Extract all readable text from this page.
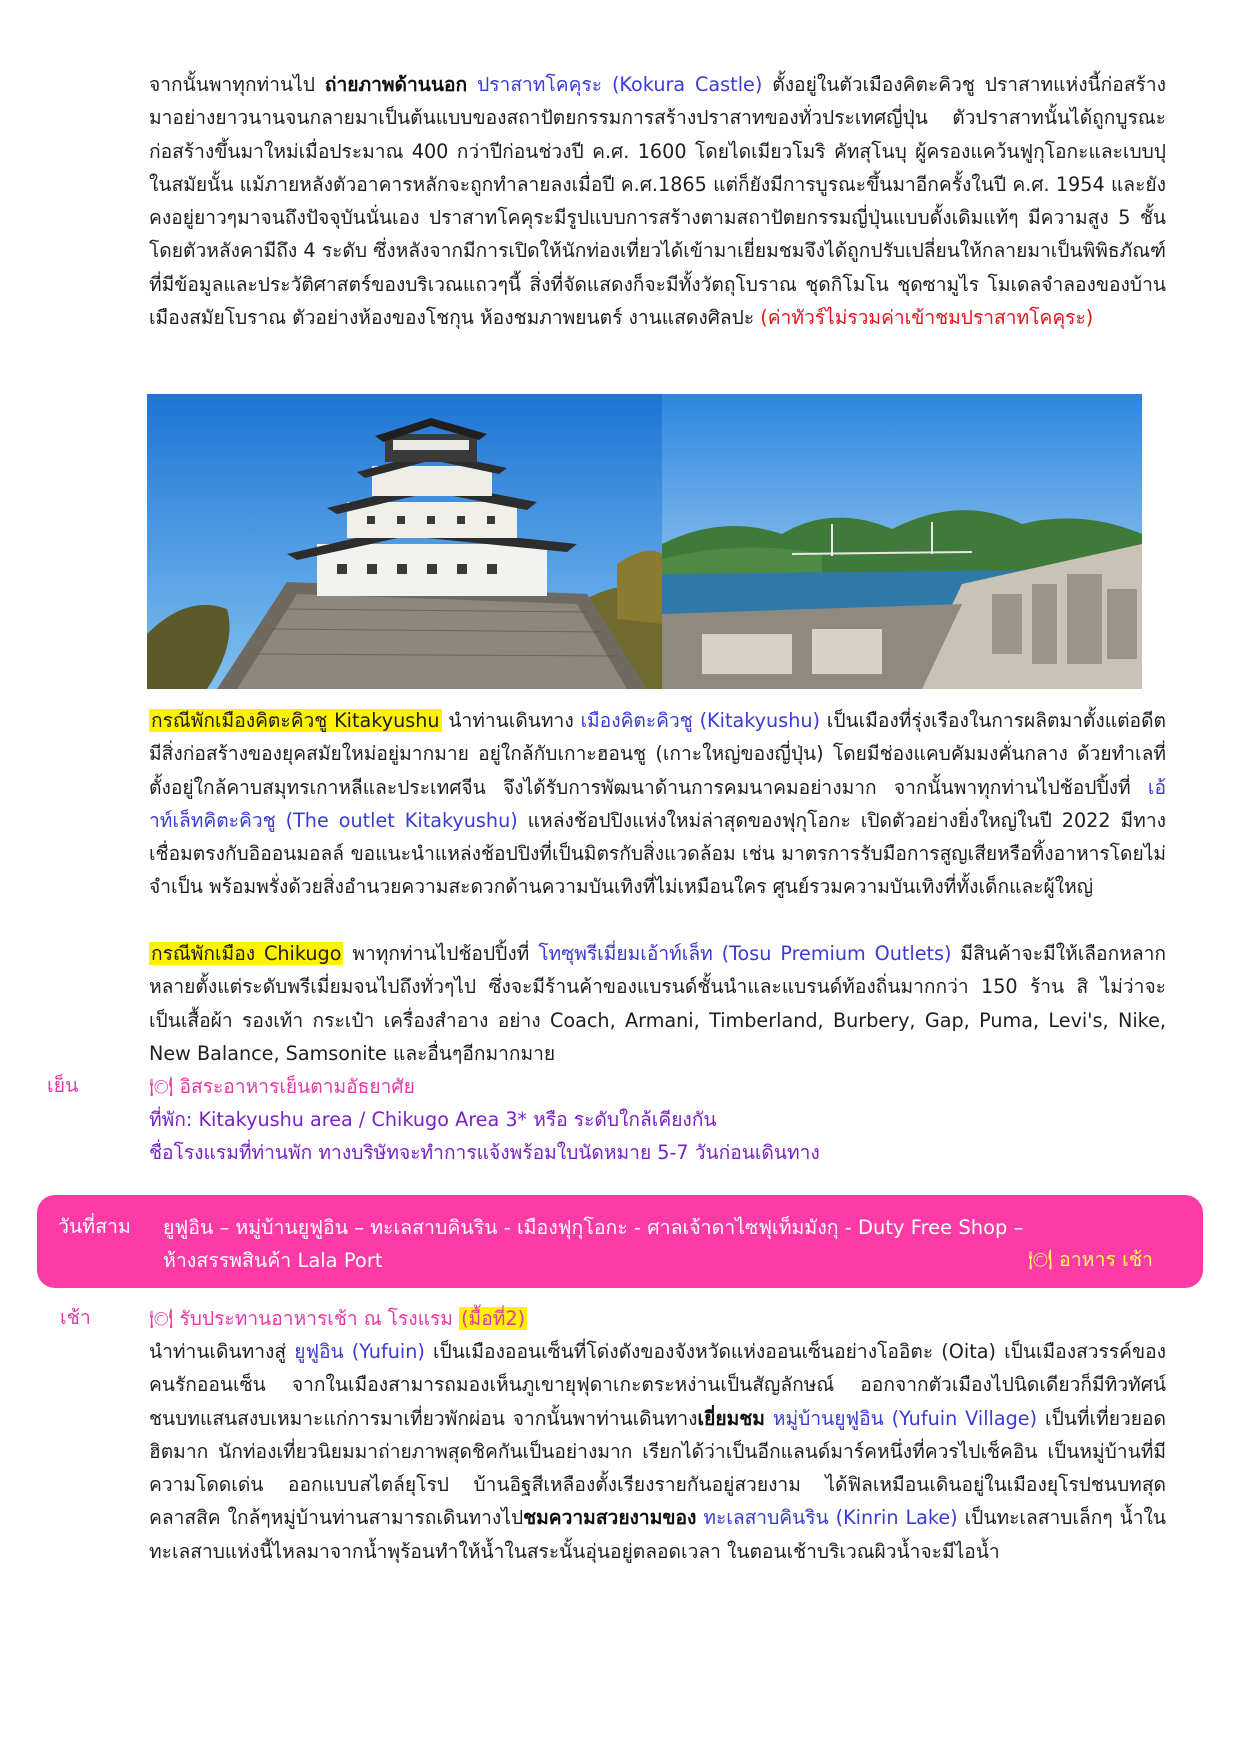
จากนั้นพาทุกท่านไป ถ่ายภาพด้านนอก ปราสาทโคคุระ (Kokura Castle) ตั้งอยู่ในตัวเมืองคิตะคิวชู ปราสาทแห่งนี้ก่อสร้างมาอย่างยาวนานจนกลายมาเป็นต้นแบบของสถาปัตยกรรมการสร้างปราสาทของทั่วประเทศญี่ปุ่น ตัวปราสาทนั้นได้ถูกบูรณะก่อสร้างขึ้นมาใหม่เมื่อประมาณ 400 กว่าปีก่อนช่วงปี ค.ศ. 1600 โดยไดเมียวโมริ คัทสุโนบุ ผู้ครองแคว้นฟูกุโอกะและเบบปุในสมัยนั้น แม้ภายหลังตัวอาคารหลักจะถูกทำลายลงเมื่อปี ค.ศ.1865 แต่ก็ยังมีการบูรณะขึ้นมาอีกครั้งในปี ค.ศ. 1954 และยังคงอยู่ยาวๆมาจนถึงปัจจุบันนั่นเอง ปราสาทโคคุระมีรูปแบบการสร้างตามสถาปัตยกรรมญี่ปุ่นแบบดั้งเดิมแท้ๆ มีความสูง 5 ชั้น โดยตัวหลังคามีถึง 4 ระดับ ซึ่งหลังจากมีการเปิดให้นักท่องเที่ยวได้เข้ามาเยี่ยมชมจึงได้ถูกปรับเปลี่ยนให้กลายมาเป็นพิพิธภัณฑ์ที่มีข้อมูลและประวัติศาสตร์ของบริเวณแถวๆนี้ สิ่งที่จัดแสดงก็จะมีทั้งวัตถุโบราณ ชุดกิโมโน ชุดซามูไร โมเดลจำลองของบ้านเมืองสมัยโบราณ ตัวอย่างห้องของโชกุน ห้องชมภาพยนตร์ งานแสดงศิลปะ (ค่าทัวร์ไม่รวมค่าเข้าชมปราสาทโคคุระ)

กรณีพักเมืองคิตะคิวชู Kitakyushu นำท่านเดินทาง เมืองคิตะคิวชู (Kitakyushu) เป็นเมืองที่รุ่งเรืองในการผลิตมาตั้งแต่อดีต มีสิ่งก่อสร้างของยุคสมัยใหม่อยู่มากมาย อยู่ใกล้กับเกาะฮอนชู (เกาะใหญ่ของญี่ปุ่น) โดยมีช่องแคบคัมมงคั่นกลาง ด้วยทำเลที่ตั้งอยู่ใกล้คาบสมุทรเกาหลีและประเทศจีน จึงได้รับการพัฒนาด้านการคมนาคมอย่างมาก จากนั้นพาทุกท่านไปช้อปปิ้งที่ เอ้าท์เล็ทคิตะคิวชู (The outlet Kitakyushu) แหล่งช้อปปิงแห่งใหม่ล่าสุดของฟุกุโอกะ เปิดตัวอย่างยิ่งใหญ่ในปี 2022 มีทางเชื่อมตรงกับอิออนมอลล์ ขอแนะนำแหล่งช้อปปิงที่เป็นมิตรกับสิ่งแวดล้อม เช่น มาตรการรับมือการสูญเสียหรือทิ้งอาหารโดยไม่จำเป็น พร้อมพรั่งด้วยสิ่งอำนวยความสะดวกด้านความบันเทิงที่ไม่เหมือนใคร ศูนย์รวมความบันเทิงที่ทั้งเด็กและผู้ใหญ่

กรณีพักเมือง Chikugo พาทุกท่านไปช้อปปิ้งที่ โทซุพรีเมี่ยมเอ้าท์เล็ท (Tosu Premium Outlets) มีสินค้าจะมีให้เลือกหลากหลายตั้งแต่ระดับพรีเมี่ยมจนไปถึงทั่วๆไป ซึ่งจะมีร้านค้าของแบรนด์ชั้นนำและแบรนด์ท้องถิ่นมากกว่า 150 ร้าน สิ ไม่ว่าจะเป็นเสื้อผ้า รองเท้า กระเป๋า เครื่องสำอาง อย่าง Coach, Armani, Timberland, Burbery, Gap, Puma, Levi's, Nike, New Balance, Samsonite และอื่นๆอีกมากมาย

เย็น	🍽 อิสระอาหารเย็นตามอัธยาศัย
ที่พัก: Kitakyushu area / Chikugo Area 3* หรือ ระดับใกล้เคียงกัน
ชื่อโรงแรมที่ท่านพัก ทางบริษัทจะทำการแจ้งพร้อมใบนัดหมาย 5-7 วันก่อนเดินทาง
วันที่สาม ยูฟูอิน – หมู่บ้านยูฟูอิน – ทะเลสาบคินริน - เมืองฟุกุโอกะ - ศาลเจ้าดาไซฟุเท็มมังกุ - Duty Free Shop –
ห้างสรรพสินค้า Lala Port	🍽 อาหาร เช้า
เช้า	🍽 รับประทานอาหารเช้า ณ โรงแรม (มื้อที่2)

นำท่านเดินทางสู่ ยูฟูอิน (Yufuin) เป็นเมืองออนเซ็นที่โด่งดังของจังหวัดแห่งออนเซ็นอย่างโออิตะ (Oita) เป็นเมืองสวรรค์ของคนรักออนเซ็น จากในเมืองสามารถมองเห็นภูเขายุฟุดาเกะตระหง่านเป็นสัญลักษณ์ ออกจากตัวเมืองไปนิดเดียวก็มีทิวทัศน์ชนบทแสนสงบเหมาะแก่การมาเที่ยวพักผ่อน จากนั้นพาท่านเดินทางเยี่ยมชม หมู่บ้านยูฟูอิน (Yufuin Village) เป็นที่เที่ยวยอดฮิตมาก นักท่องเที่ยวนิยมมาถ่ายภาพสุดชิคกันเป็นอย่างมาก เรียกได้ว่าเป็นอีกแลนด์มาร์คหนึ่งที่ควรไปเช็คอิน เป็นหมู่บ้านที่มีความโดดเด่น ออกแบบสไตล์ยุโรป บ้านอิฐสีเหลืองตั้งเรียงรายกันอยู่สวยงาม ได้ฟิลเหมือนเดินอยู่ในเมืองยุโรปชนบทสุดคลาสสิค ใกล้ๆหมู่บ้านท่านสามารถเดินทางไปชมความสวยงามของ ทะเลสาบคินริน (Kinrin Lake) เป็นทะเลสาบเล็กๆ น้ำในทะเลสาบแห่งนี้ไหลมาจากน้ำพุร้อนทำให้น้ำในสระนั้นอุ่นอยู่ตลอดเวลา ในตอนเช้าบริเวณผิวน้ำจะมีไอน้ำ
